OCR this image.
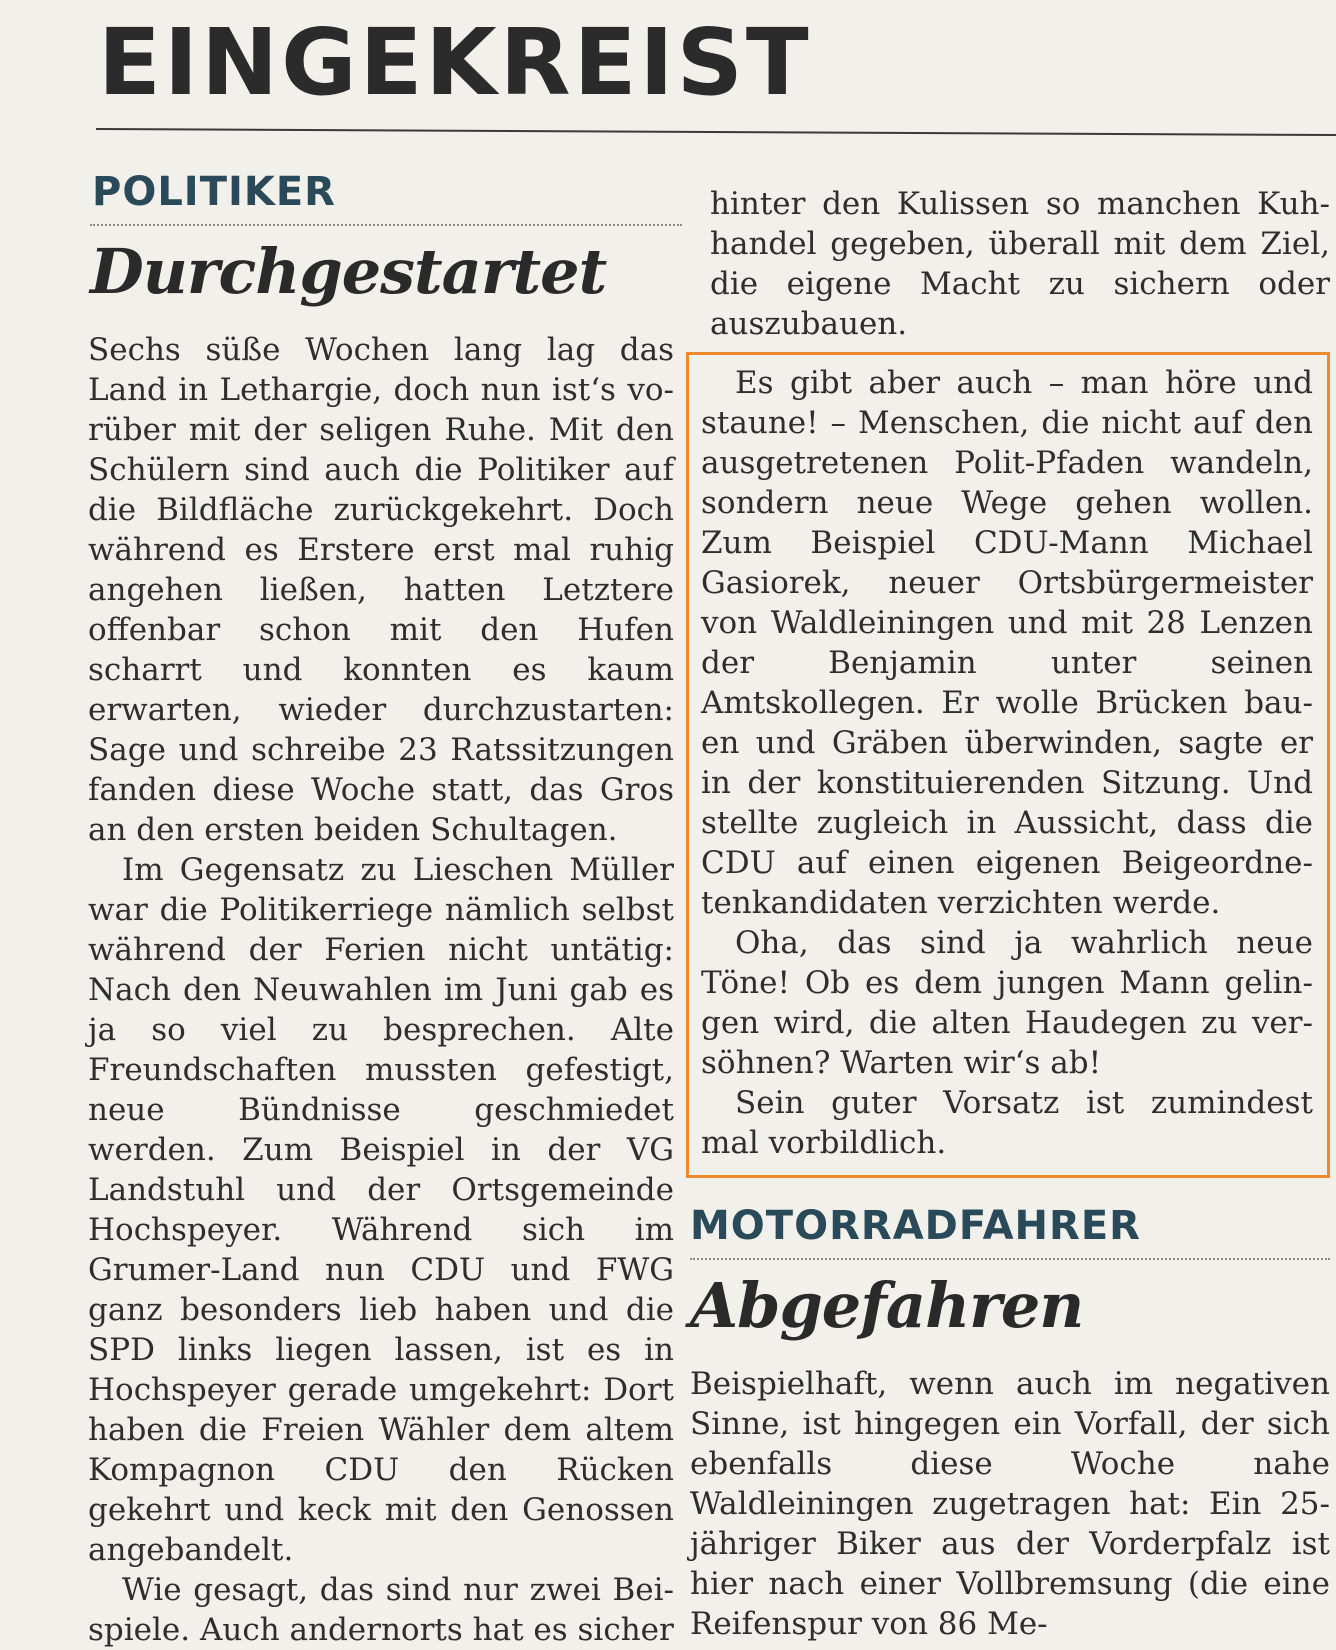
EINGEKREIST
POLITIKER
Durchgestartet

Sechs süße Wochen lang lag das Land in Lethargie, doch nun ist‘s vorüber mit der seligen Ruhe. Mit den Schülern sind auch die Politiker auf die Bildfläche zurückgekehrt. Doch während es Erstere erst mal ruhig angehen ließen, hatten Letztere offenbar schon mit den Hufen scharrt und konnten es kaum erwarten, wieder durchzustarten: Sage und schreibe 23 Ratssitzungen fanden diese Woche statt, das Gros an den ersten beiden Schultagen.

Im Gegensatz zu Lieschen Müller war die Politikerriege nämlich selbst während der Ferien nicht untätig: Nach den Neuwahlen im Juni gab es ja so viel zu besprechen. Alte Freundschaften mussten gefestigt, neue Bündnisse geschmiedet werden. Zum Beispiel in der VG Landstuhl und der Ortsgemeinde Hochspeyer. Während sich im Grumer-Land nun CDU und FWG ganz besonders lieb haben und die SPD links liegen lassen, ist es in Hochspeyer gerade umgekehrt: Dort haben die Freien Wähler dem altem Kompagnon CDU den Rücken gekehrt und keck mit den Genossen angebandelt.

Wie gesagt, das sind nur zwei Beispiele. Auch andernorts hat es sicher

hinter den Kulissen so manchen Kuhhandel gegeben, überall mit dem Ziel, die eigene Macht zu sichern oder auszubauen.

Es gibt aber auch – man höre und staune! – Menschen, die nicht auf den ausgetretenen Polit-Pfaden wandeln, sondern neue Wege gehen wollen. Zum Beispiel CDU-Mann Michael Gasiorek, neuer Ortsbürgermeister von Waldleiningen und mit 28 Lenzen der Benjamin unter seinen Amtskollegen. Er wolle Brücken bauen und Gräben überwinden, sagte er in der konstituierenden Sitzung. Und stellte zugleich in Aussicht, dass die CDU auf einen eigenen Beigeordnetenkandidaten verzichten werde.

Oha, das sind ja wahrlich neue Töne! Ob es dem jungen Mann gelingen wird, die alten Haudegen zu versöhnen? Warten wir‘s ab!

Sein guter Vorsatz ist zumindest mal vorbildlich.

MOTORRADFAHRER
Abgefahren

Beispielhaft, wenn auch im negativen Sinne, ist hingegen ein Vorfall, der sich ebenfalls diese Woche nahe Waldleiningen zugetragen hat: Ein 25-jähriger Biker aus der Vorderpfalz ist hier nach einer Vollbremsung (die eine Reifenspur von 86 Me-
